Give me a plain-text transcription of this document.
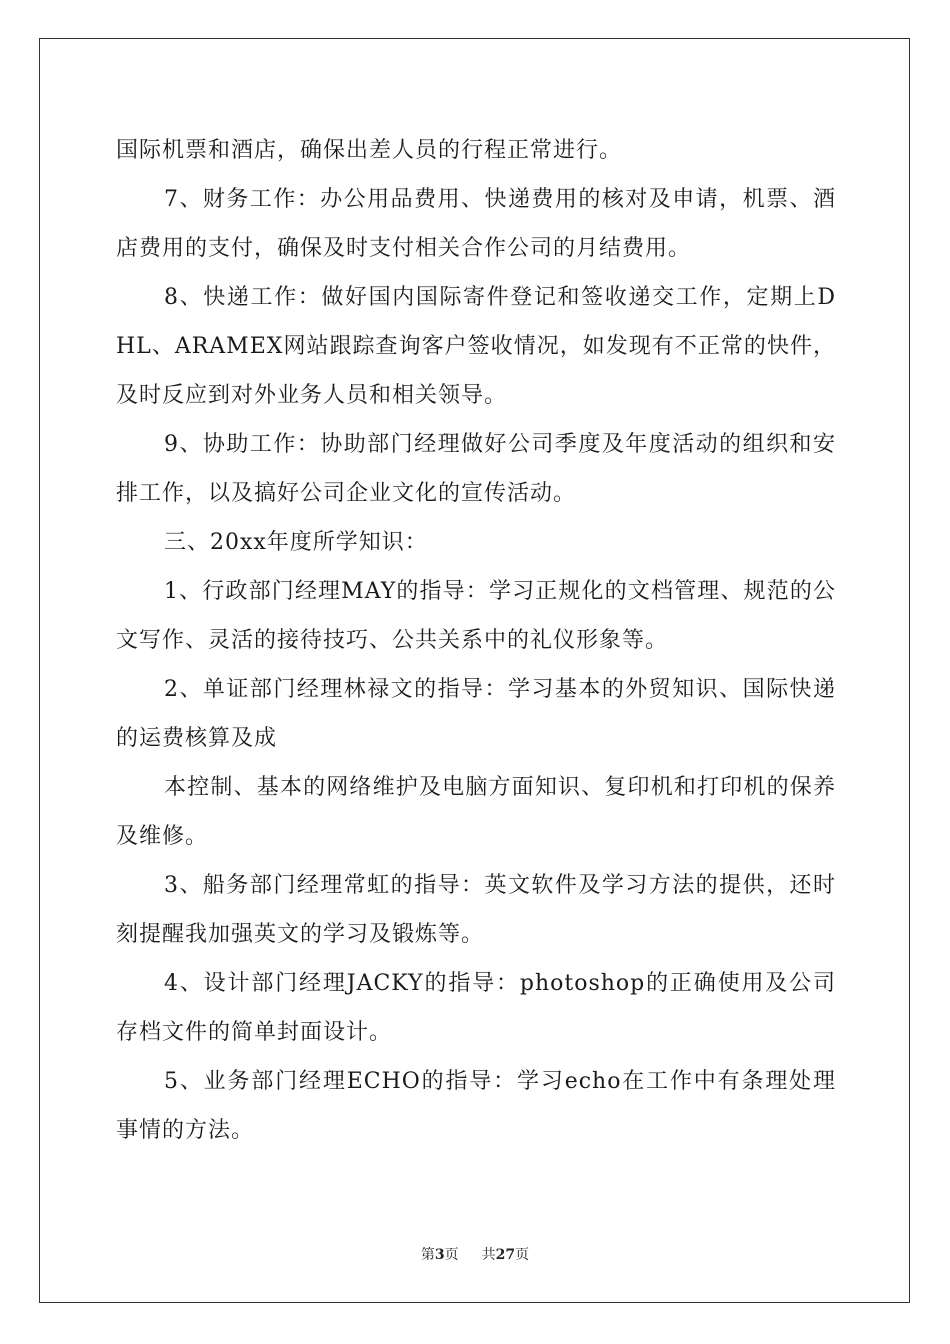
国际机票和酒店，确保出差人员的行程正常进行。

7、财务工作：办公用品费用、快递费用的核对及申请，机票、酒店费用的支付，确保及时支付相关合作公司的月结费用。

8、快递工作：做好国内国际寄件登记和签收递交工作，定期上DHL、ARAMEX网站跟踪查询客户签收情况，如发现有不正常的快件，及时反应到对外业务人员和相关领导。

9、协助工作：协助部门经理做好公司季度及年度活动的组织和安排工作，以及搞好公司企业文化的宣传活动。

三、20xx年度所学知识：

1、行政部门经理MAY的指导：学习正规化的文档管理、规范的公文写作、灵活的接待技巧、公共关系中的礼仪形象等。

2、单证部门经理林禄文的指导：学习基本的外贸知识、国际快递的运费核算及成

本控制、基本的网络维护及电脑方面知识、复印机和打印机的保养及维修。

3、船务部门经理常虹的指导：英文软件及学习方法的提供，还时刻提醒我加强英文的学习及锻炼等。

4、设计部门经理JACKY的指导：photoshop的正确使用及公司存档文件的简单封面设计。

5、业务部门经理ECHO的指导：学习echo在工作中有条理处理事情的方法。

第3页 共27页
